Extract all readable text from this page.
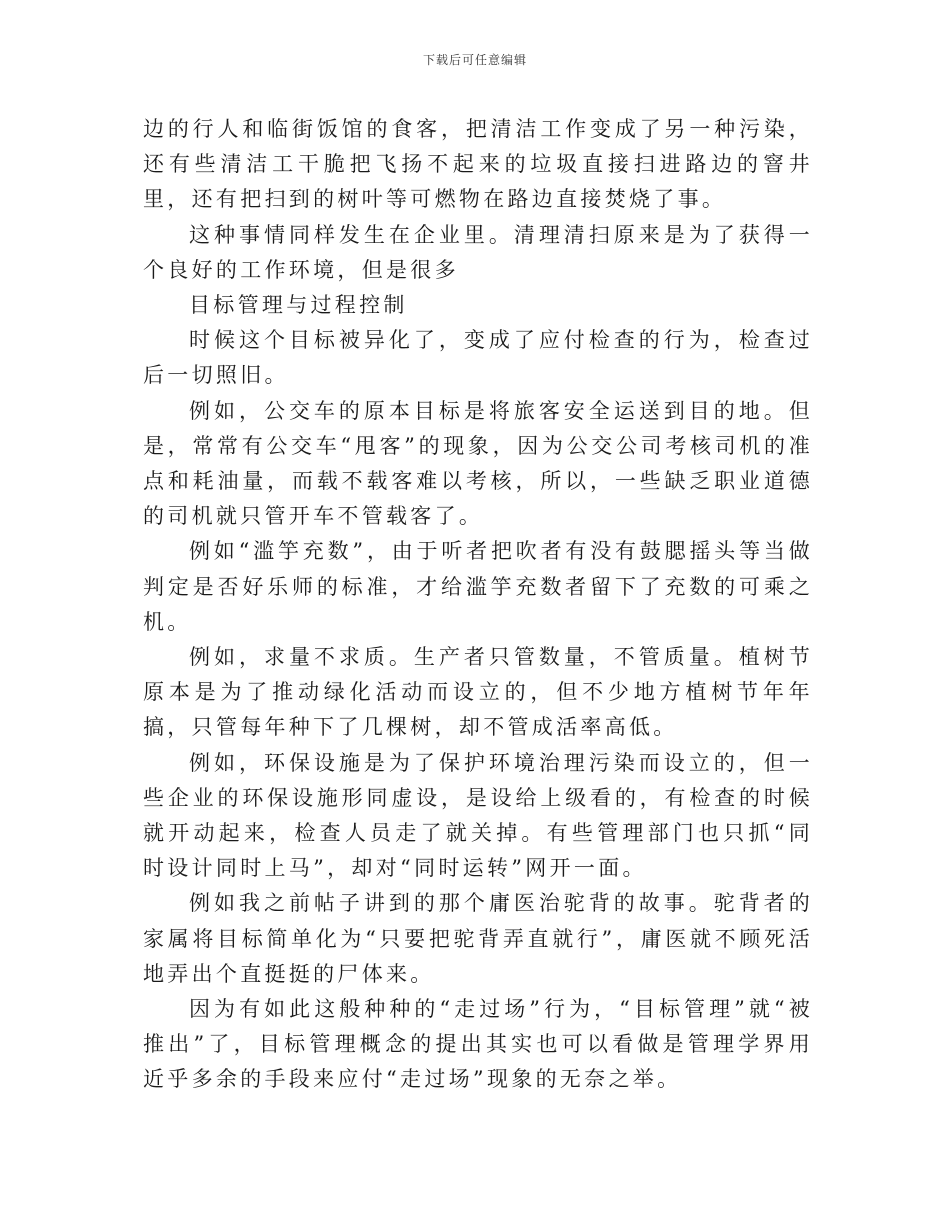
下载后可任意编辑

边的行人和临街饭馆的食客，把清洁工作变成了另一种污染，还有些清洁工干脆把飞扬不起来的垃圾直接扫进路边的窨井里，还有把扫到的树叶等可燃物在路边直接焚烧了事。

这种事情同样发生在企业里。清理清扫原来是为了获得一个良好的工作环境，但是很多

目标管理与过程控制

时候这个目标被异化了，变成了应付检查的行为，检查过后一切照旧。

例如，公交车的原本目标是将旅客安全运送到目的地。但是，常常有公交车“甩客”的现象，因为公交公司考核司机的准点和耗油量，而载不载客难以考核，所以，一些缺乏职业道德的司机就只管开车不管载客了。

例如“滥竽充数”，由于听者把吹者有没有鼓腮摇头等当做判定是否好乐师的标准，才给滥竽充数者留下了充数的可乘之机。

例如，求量不求质。生产者只管数量，不管质量。植树节原本是为了推动绿化活动而设立的，但不少地方植树节年年搞，只管每年种下了几棵树，却不管成活率高低。

例如，环保设施是为了保护环境治理污染而设立的，但一些企业的环保设施形同虚设，是设给上级看的，有检查的时候就开动起来，检查人员走了就关掉。有些管理部门也只抓“同时设计同时上马”，却对“同时运转”网开一面。

例如我之前帖子讲到的那个庸医治驼背的故事。驼背者的家属将目标简单化为“只要把驼背弄直就行”，庸医就不顾死活地弄出个直挺挺的尸体来。

因为有如此这般种种的“走过场”行为，“目标管理”就“被推出”了，目标管理概念的提出其实也可以看做是管理学界用近乎多余的手段来应付“走过场”现象的无奈之举。
